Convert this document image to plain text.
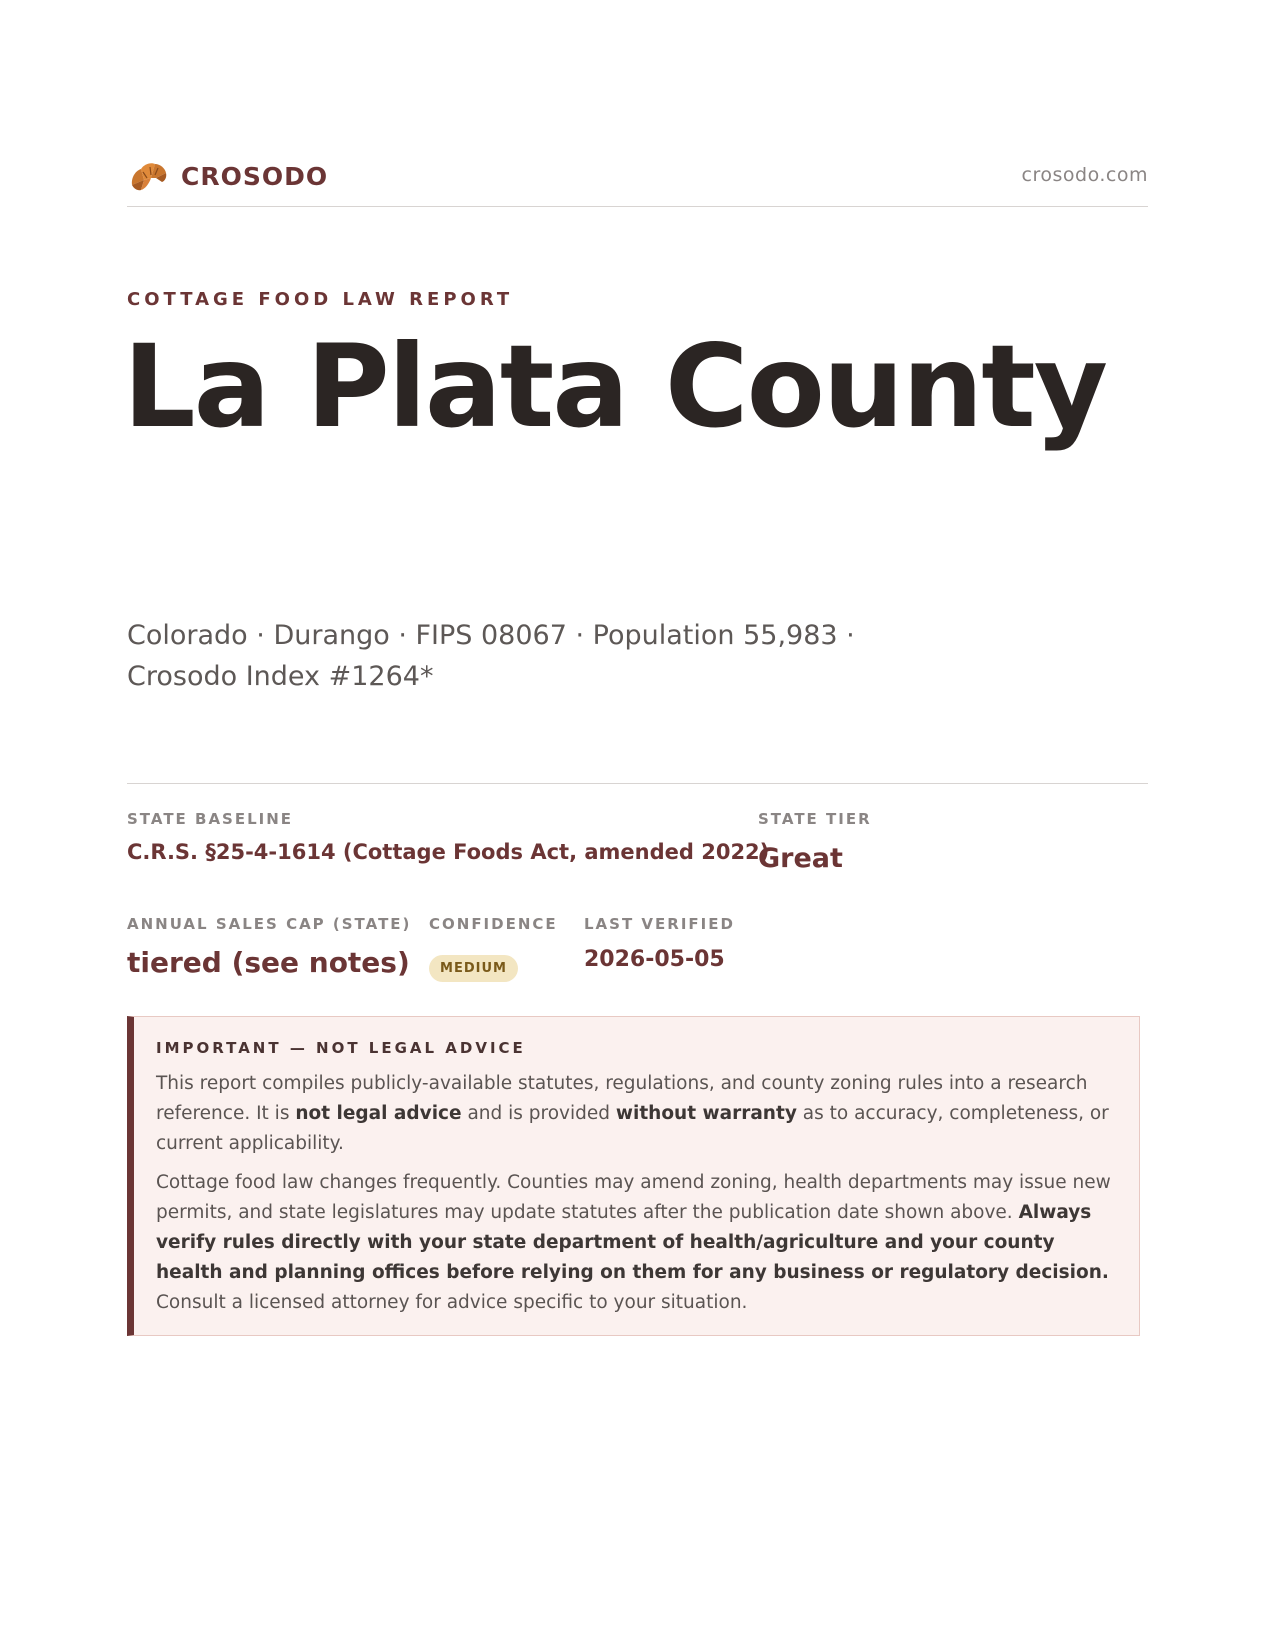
CROSODO	crosodo.com
COTTAGE FOOD LAW REPORT
La Plata County
Colorado · Durango · FIPS 08067 · Population 55,983 · Crosodo Index #1264*
STATE BASELINE
C.R.S. §25-4-1614 (Cottage Foods Act, amended 2022)
STATE TIER
Great
ANNUAL SALES CAP (STATE)
tiered (see notes)
CONFIDENCE
MEDIUM
LAST VERIFIED
2026-05-05
IMPORTANT — NOT LEGAL ADVICE

This report compiles publicly-available statutes, regulations, and county zoning rules into a research reference. It is not legal advice and is provided without warranty as to accuracy, completeness, or current applicability.

Cottage food law changes frequently. Counties may amend zoning, health departments may issue new permits, and state legislatures may update statutes after the publication date shown above. Always verify rules directly with your state department of health/agriculture and your county health and planning offices before relying on them for any business or regulatory decision. Consult a licensed attorney for advice specific to your situation.
